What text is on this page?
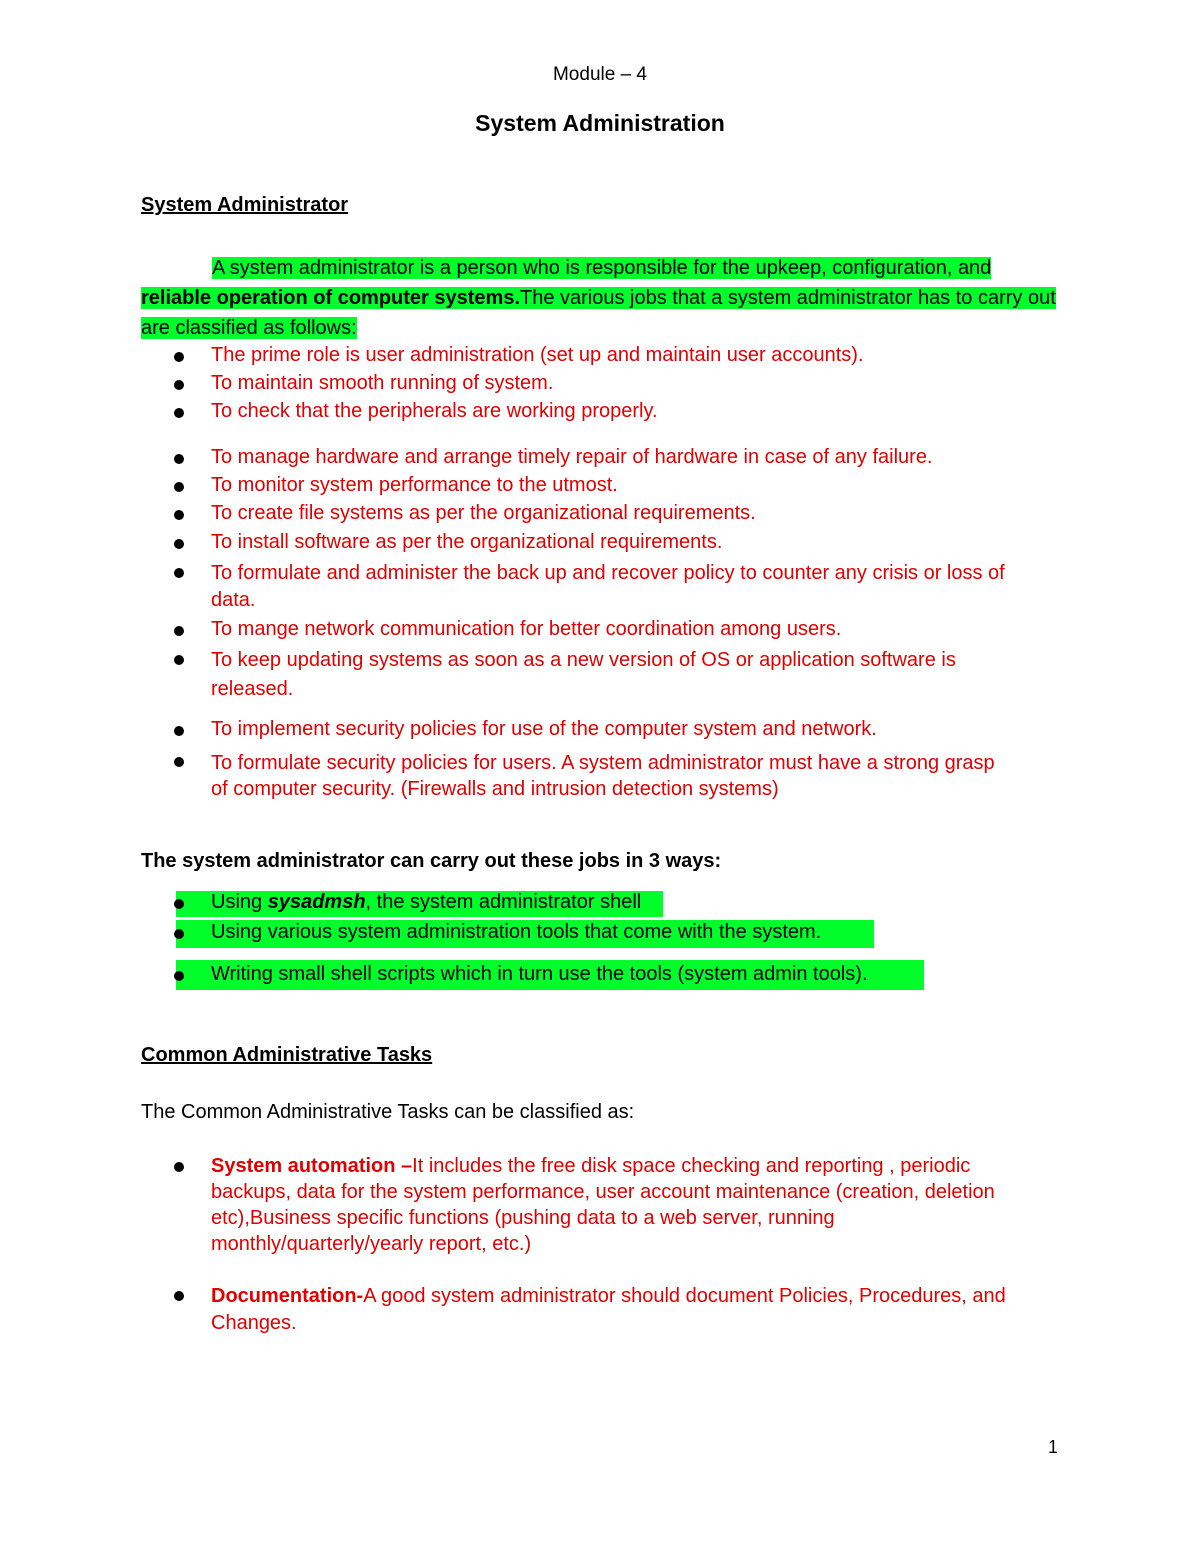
Module – 4
System Administration
System Administrator
A system administrator is a person who is responsible for the upkeep, configuration, and reliable operation of computer systems.The various jobs that a system administrator has to carry out are classified as follows:
The prime role is user administration (set up and maintain user accounts).
To maintain smooth running of system.
To check that the peripherals are working properly.
To manage hardware and arrange timely repair of hardware in case of any failure.
To monitor system performance to the utmost.
To create file systems as per the organizational requirements.
To install software as per the organizational requirements.
To formulate and administer the back up and recover policy to counter any crisis or loss of data.
To mange network communication for better coordination among users.
To keep updating systems as soon as a new version of OS or application software is released.
To implement security policies for use of the computer system and network.
To formulate security policies for users. A system administrator must have a strong grasp of computer security. (Firewalls and intrusion detection systems)
The system administrator can carry out these jobs in 3 ways:
Using sysadmsh, the system administrator shell
Using various system administration tools that come with the system.
Writing small shell scripts which in turn use the tools (system admin tools).
Common Administrative Tasks
The Common Administrative Tasks can be classified as:
System automation –It includes the free disk space checking and reporting , periodic backups, data for the system performance, user account maintenance (creation, deletion etc),Business specific functions (pushing data to a web server, running monthly/quarterly/yearly report, etc.)
Documentation-A good system administrator should document Policies, Procedures, and Changes.
1
